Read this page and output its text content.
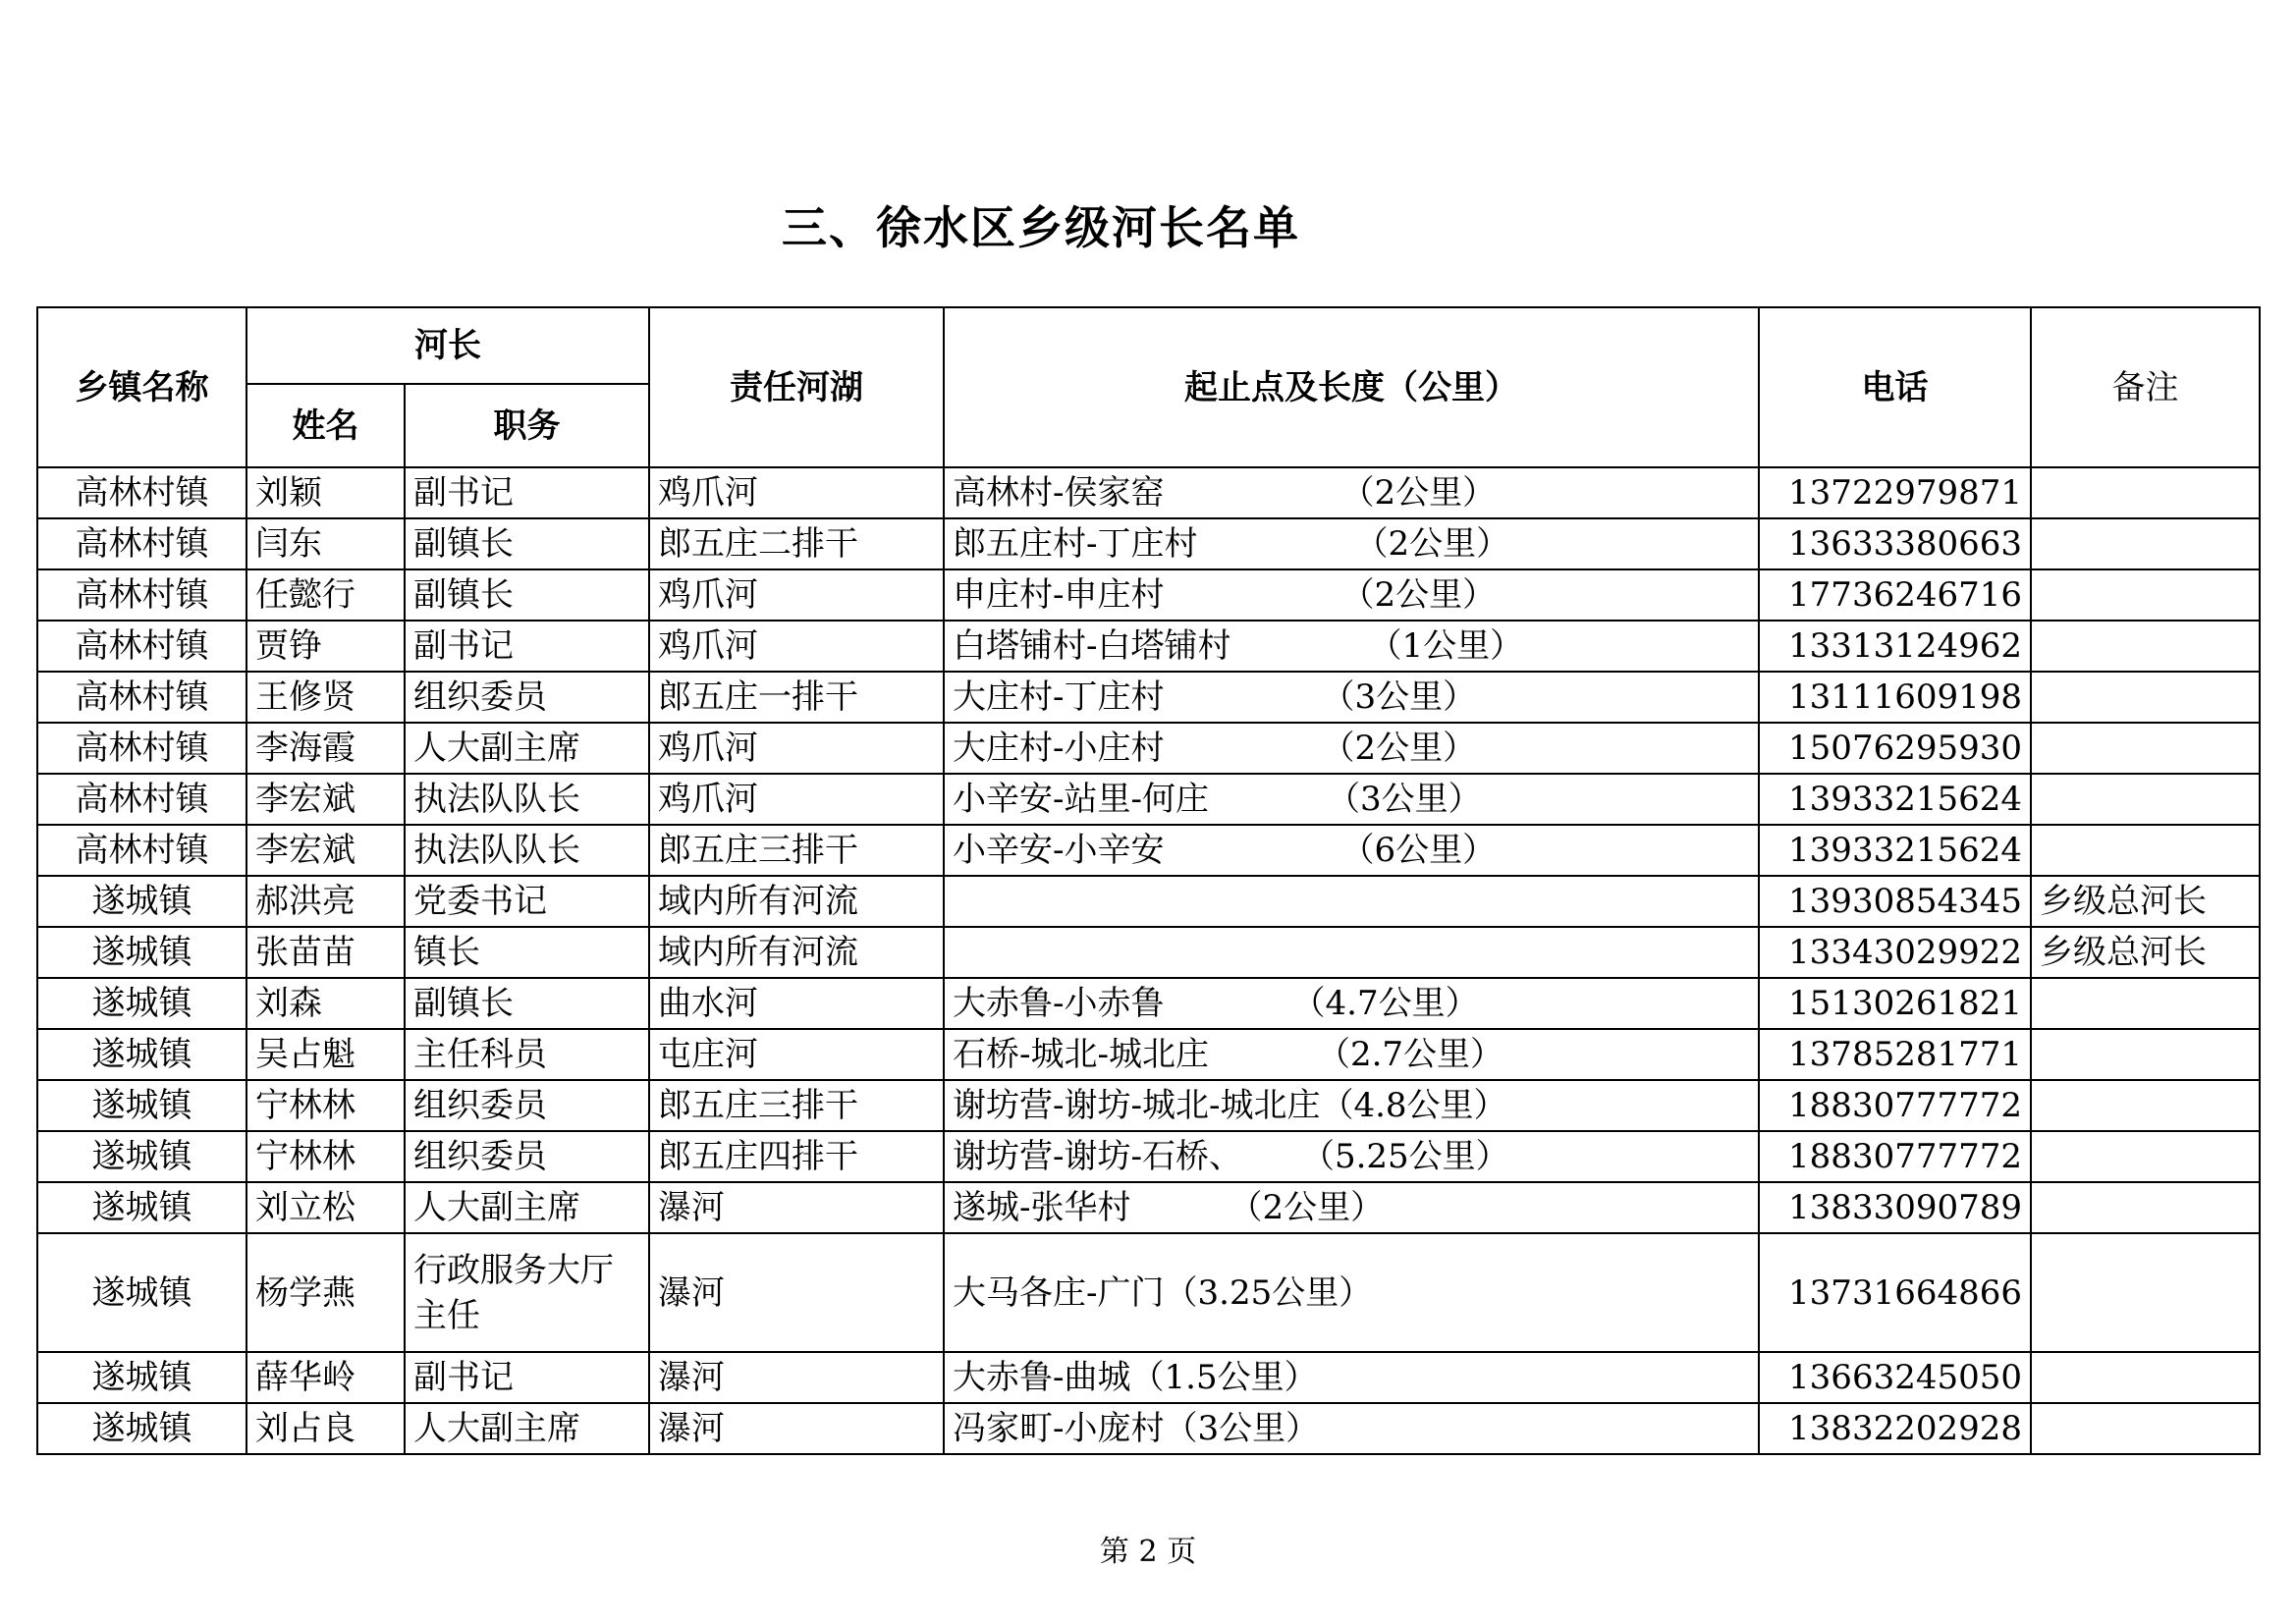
三、徐水区乡级河长名单
乡镇名称	河长		责任河湖	起止点及长度（公里）	电话	备注
	姓名	职务				
高林村镇	刘颖	副书记	鸡爪河	高林村-侯家窑 （2公里）	13722979871	
高林村镇	闫东	副镇长	郎五庄二排干	郎五庄村-丁庄村 （2公里）	13633380663	
高林村镇	任懿行	副镇长	鸡爪河	申庄村-申庄村 （2公里）	17736246716	
高林村镇	贾铮	副书记	鸡爪河	白塔铺村-白塔铺村 （1公里）	13313124962	
高林村镇	王修贤	组织委员	郎五庄一排干	大庄村-丁庄村 （3公里）	13111609198	
高林村镇	李海霞	人大副主席	鸡爪河	大庄村-小庄村 （2公里）	15076295930	
高林村镇	李宏斌	执法队队长	鸡爪河	小辛安-站里-何庄 （3公里）	13933215624	
高林村镇	李宏斌	执法队队长	郎五庄三排干	小辛安-小辛安 （6公里）	13933215624	
遂城镇	郝洪亮	党委书记	域内所有河流		13930854345	乡级总河长
遂城镇	张苗苗	镇长	域内所有河流		13343029922	乡级总河长
遂城镇	刘森	副镇长	曲水河	大赤鲁-小赤鲁 （4.7公里）	15130261821	
遂城镇	吴占魁	主任科员	屯庄河	石桥-城北-城北庄 （2.7公里）	13785281771	
遂城镇	宁林林	组织委员	郎五庄三排干	谢坊营-谢坊-城北-城北庄（4.8公里）	18830777772	
遂城镇	宁林林	组织委员	郎五庄四排干	谢坊营-谢坊-石桥、 （5.25公里）	18830777772	
遂城镇	刘立松	人大副主席	瀑河	遂城-张华村 （2公里）	13833090789	
遂城镇	杨学燕	行政服务大厅主任	瀑河	大马各庄-广门（3.25公里）	13731664866	
遂城镇	薛华岭	副书记	瀑河	大赤鲁-曲城（1.5公里）	13663245050	
遂城镇	刘占良	人大副主席	瀑河	冯家町-小庞村（3公里）	13832202928	
第 2 页
